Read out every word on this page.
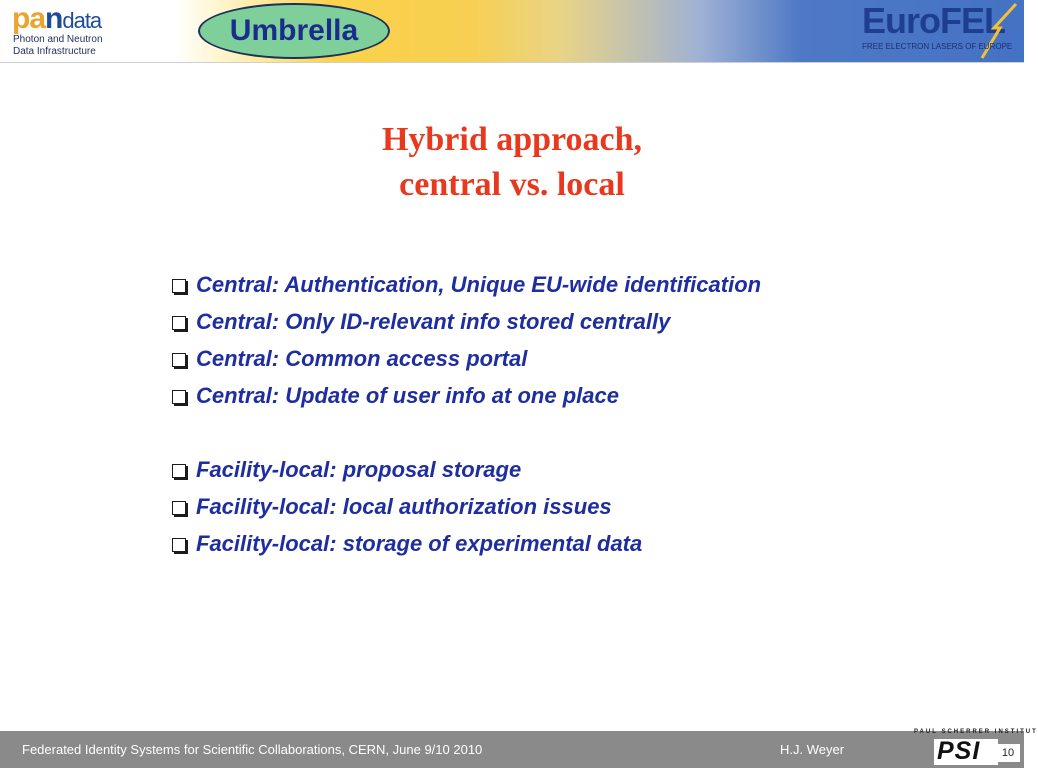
pandata
Photon and Neutron
Data Infrastructure
Umbrella	EuroFEL
FREE ELECTRON LASERS OF EUROPE
Hybrid approach,
central vs. local
Central: Authentication, Unique EU-wide identification
Central: Only ID-relevant info stored centrally
Central: Common access portal
Central: Update of user info at one place
Facility-local: proposal storage
Facility-local: local authorization issues
Facility-local: storage of experimental data
Federated Identity Systems for Scientific Collaborations, CERN, June 9/10 2010	H.J. Weyer
PAUL SCHERRER INSTITUT
PSI	10
